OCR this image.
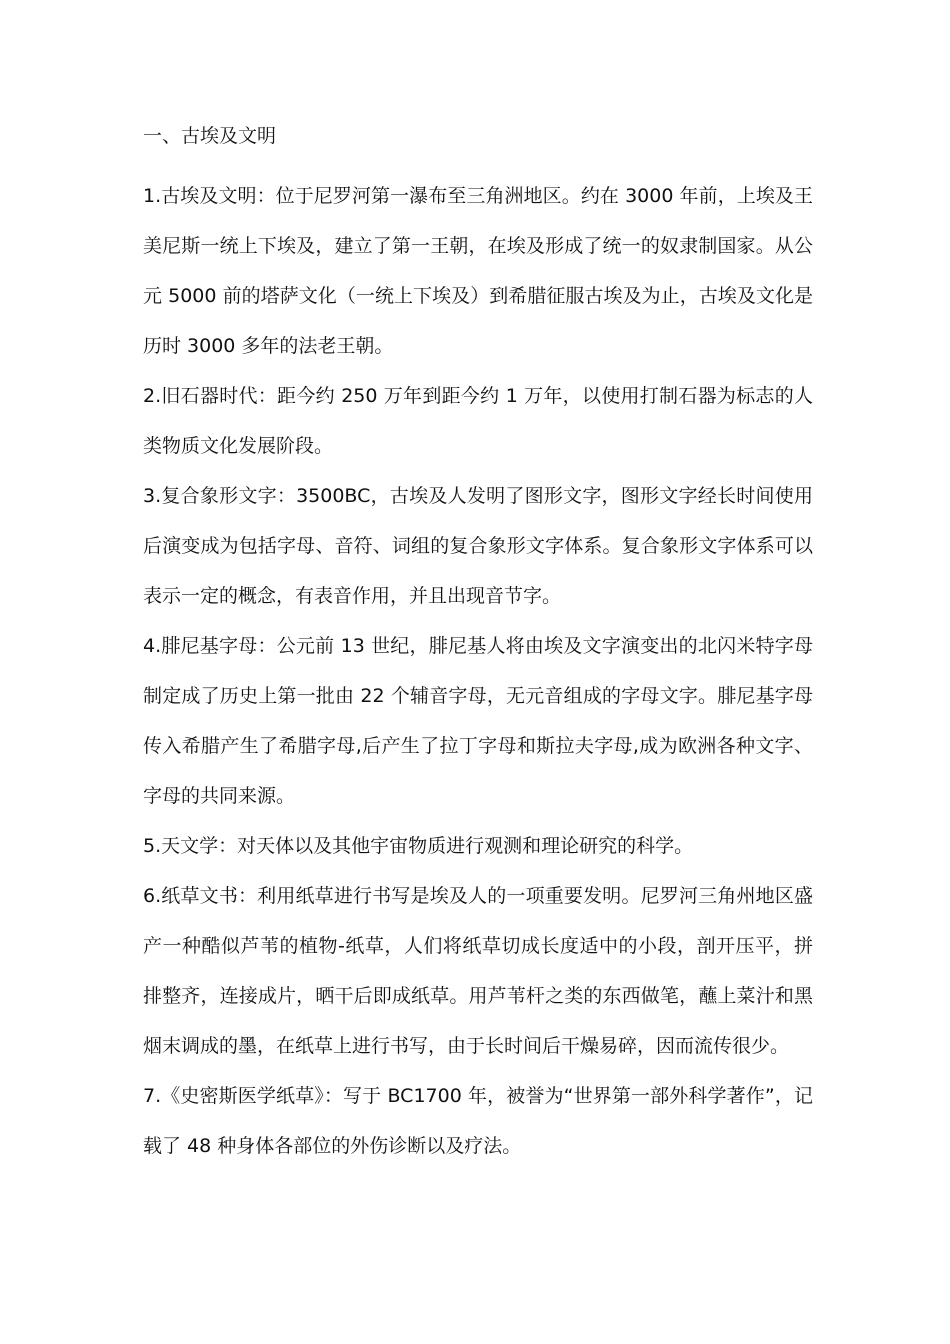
一、古埃及文明

1.古埃及文明：位于尼罗河第一瀑布至三角洲地区。约在 3000 年前，上埃及王美尼斯一统上下埃及，建立了第一王朝，在埃及形成了统一的奴隶制国家。从公元 5000 前的塔萨文化（一统上下埃及）到希腊征服古埃及为止，古埃及文化是历时 3000 多年的法老王朝。

2.旧石器时代：距今约 250 万年到距今约 1 万年，以使用打制石器为标志的人类物质文化发展阶段。

3.复合象形文字：3500BC，古埃及人发明了图形文字，图形文字经长时间使用后演变成为包括字母、音符、词组的复合象形文字体系。复合象形文字体系可以表示一定的概念，有表音作用，并且出现音节字。

4.腓尼基字母：公元前 13 世纪，腓尼基人将由埃及文字演变出的北闪米特字母制定成了历史上第一批由 22 个辅音字母，无元音组成的字母文字。腓尼基字母传入希腊产生了希腊字母,后产生了拉丁字母和斯拉夫字母,成为欧洲各种文字、字母的共同来源。

5.天文学：对天体以及其他宇宙物质进行观测和理论研究的科学。

6.纸草文书：利用纸草进行书写是埃及人的一项重要发明。尼罗河三角州地区盛产一种酷似芦苇的植物-纸草，人们将纸草切成长度适中的小段，剖开压平，拼排整齐，连接成片，晒干后即成纸草。用芦苇杆之类的东西做笔，蘸上菜汁和黑烟末调成的墨，在纸草上进行书写，由于长时间后干燥易碎，因而流传很少。

7.《史密斯医学纸草》：写于 BC1700 年，被誉为“世界第一部外科学著作”，记载了 48 种身体各部位的外伤诊断以及疗法。
